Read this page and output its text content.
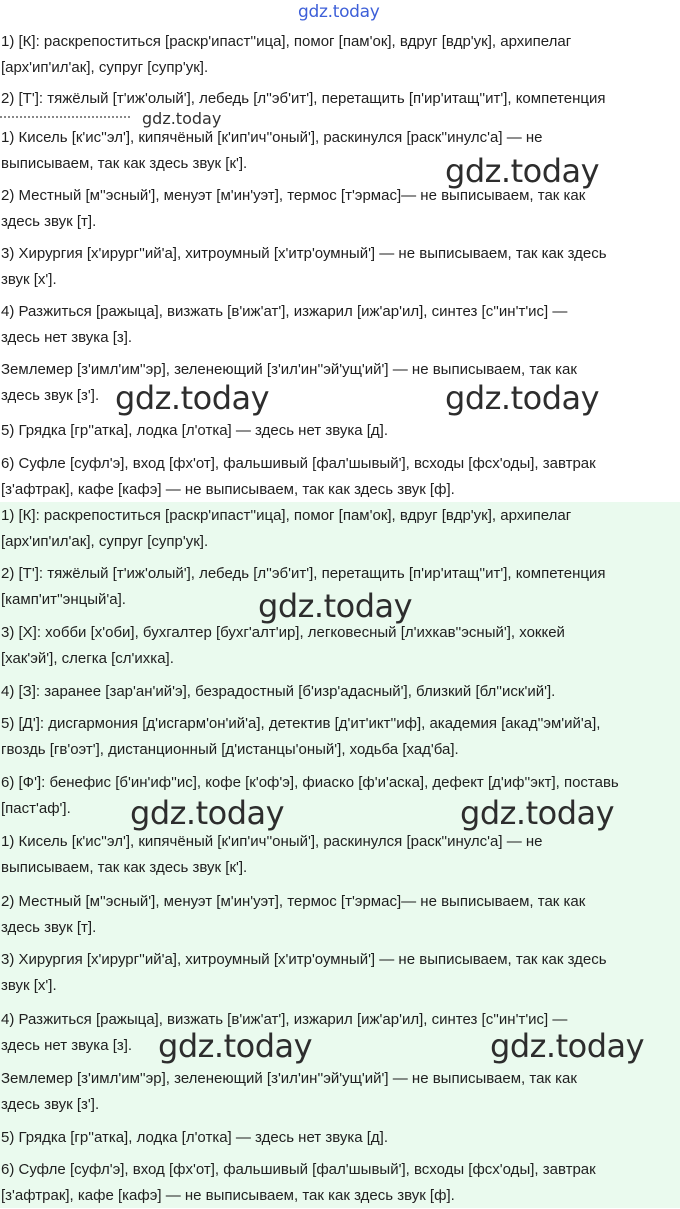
1) [К]: раскрепоститься [раскр'ипаст''ица], помог [пам'ок], вдруг [вдр'ук], архипелаг
[арх'ип'ил'ак], супруг [супр'ук].
2) [Т']: тяжёлый [т'иж'олый'], лебедь [л''эб'ит'], перетащить [п'ир'итащ''ит'], компетенция
gdz.today
1) Кисель [к'ис''эл'], кипячёный [к'ип'ич''оный'], раскинулся [раск''инулс'а] — не
выписываем, так как здесь звук [к'].
2) Местный [м''эсный'], менуэт [м'ин'уэт], термос [т'эрмас]— не выписываем, так как
здесь звук [т].
3) Хирургия [х'ирург''ий'а], хитроумный [х'итр'оумный'] — не выписываем, так как здесь
звук [х'].
4) Разжиться [ражыца], визжать [в'иж'ат'], изжарил [иж'ар'ил], синтез [с''ин'т'ис] —
здесь нет звука [з].
Землемер [з'имл'им''эр], зеленеющий [з'ил'ин''эй'ущ'ий'] — не выписываем, так как
здесь звук [з'].
5) Грядка [гр''атка], лодка [л'отка] — здесь нет звука [д].
6) Суфле [суфл'э], вход [фх'от], фальшивый [фал'шывый'], всходы [фсх'оды], завтрак
[з'афтрак], кафе [кафэ] — не выписываем, так как здесь звук [ф].
1) [К]: раскрепоститься [раскр'ипаст''ица], помог [пам'ок], вдруг [вдр'ук], архипелаг
[арх'ип'ил'ак], супруг [супр'ук].
2) [Т']: тяжёлый [т'иж'олый'], лебедь [л''эб'ит'], перетащить [п'ир'итащ''ит'], компетенция
[камп'ит''энцый'а].
3) [Х]: хобби [х'оби], бухгалтер [бухг'алт'ир], легковесный [л'ихкав''эсный'], хоккей
[хак'эй'], слегка [сл'ихка].
4) [З]: заранее [зар'ан'ий'э], безрадостный [б'изр'адасный'], близкий [бл''иск'ий'].
5) [Д']: дисгармония [д'исгарм'он'ий'а], детектив [д'ит'икт''иф], академия [акад''эм'ий'а],
гвоздь [гв'оэт'], дистанционный [д'истанцы'оный'], ходьба [хад'ба].
6) [Ф']: бенефис [б'ин'иф''ис], кофе [к'оф'э], фиаско [ф'и'аска], дефект [д'иф''экт], поставь
[паст'аф'].
1) Кисель [к'ис''эл'], кипячёный [к'ип'ич''оный'], раскинулся [раск''инулс'а] — не
выписываем, так как здесь звук [к'].
2) Местный [м''эсный'], менуэт [м'ин'уэт], термос [т'эрмас]— не выписываем, так как
здесь звук [т].
3) Хирургия [х'ирург''ий'а], хитроумный [х'итр'оумный'] — не выписываем, так как здесь
звук [х'].
4) Разжиться [ражыца], визжать [в'иж'ат'], изжарил [иж'ар'ил], синтез [с''ин'т'ис] —
здесь нет звука [з].
Землемер [з'имл'им''эр], зеленеющий [з'ил'ин''эй'ущ'ий'] — не выписываем, так как
здесь звук [з'].
5) Грядка [гр''атка], лодка [л'отка] — здесь нет звука [д].
6) Суфле [суфл'э], вход [фх'от], фальшивый [фал'шывый'], всходы [фсх'оды], завтрак
[з'афтрак], кафе [кафэ] — не выписываем, так как здесь звук [ф].
gdz.today
gdz.today
gdz.today	gdz.today
gdz.today
gdz.today	gdz.today
gdz.today	gdz.today
